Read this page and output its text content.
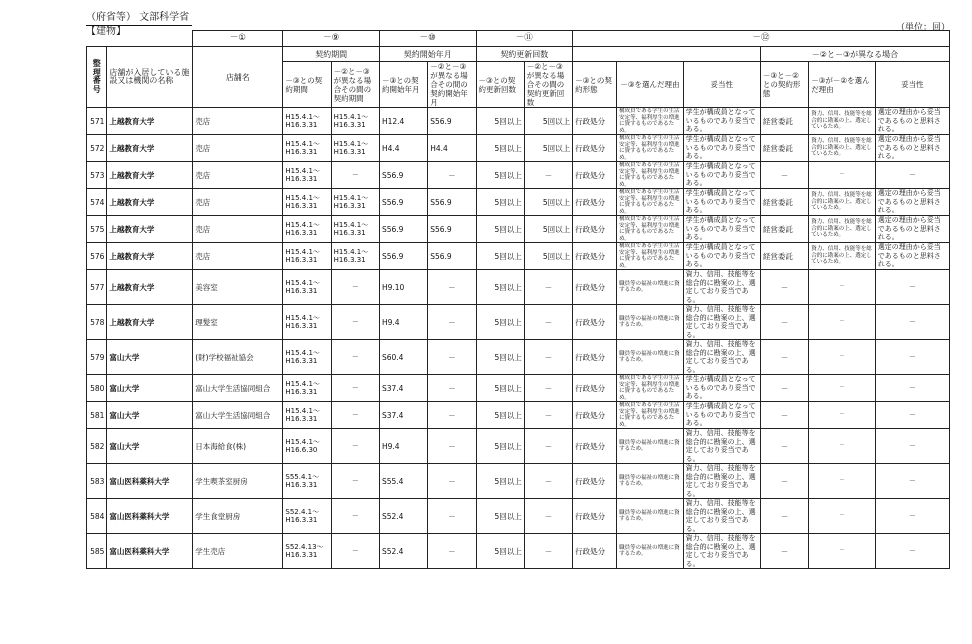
（府省等） 文部科学省
【建物】	（単位：回）
		－①	－⑨		－⑩		－⑪		－⑫					
整理番号	店舗が入居している施設又は機関の名称	店舗名	契約期間		契約開始年月		契約更新回数					－②と－③が異なる場合		
			－③との契約期間	－②と－③が異なる場合その間の契約期間	－③との契約開始年月	－②と－③が異なる場合その間の契約開始年月	－③との契約更新回数	－②と－③が異なる場合その間の契約更新回数	－③との契約形態	－③を選んだ理由	妥当性	－③と－②との契約形態	－③が－②を選んだ理由	妥当性
571	上越教育大学	売店	H15.4.1～H16.3.31	H15.4.1～H16.3.31	H12.4	S56.9	5回以上	5回以上	行政処分	構成員である学生の生活安定等、福利厚生の増進に資するものであるため。	学生が構成員となっているものであり妥当である。	経営委託	資力、信用、技能等を総合的に勘案の上、選定しているため。	選定の理由から妥当であるものと思料される。
572	上越教育大学	売店	H15.4.1～H16.3.31	H15.4.1～H16.3.31	H4.4	H4.4	5回以上	5回以上	行政処分	構成員である学生の生活安定等、福利厚生の増進に資するものであるため。	学生が構成員となっているものであり妥当である。	経営委託	資力、信用、技能等を総合的に勘案の上、選定しているため。	選定の理由から妥当であるものと思料される。
573	上越教育大学	売店	H15.4.1～H16.3.31	－	S56.9	－	5回以上	－	行政処分	構成員である学生の生活安定等、福利厚生の増進に資するものであるため。	学生が構成員となっているものであり妥当である。	－	－	－
574	上越教育大学	売店	H15.4.1～H16.3.31	H15.4.1～H16.3.31	S56.9	S56.9	5回以上	5回以上	行政処分	構成員である学生の生活安定等、福利厚生の増進に資するものであるため。	学生が構成員となっているものであり妥当である。	経営委託	資力、信用、技能等を総合的に勘案の上、選定しているため。	選定の理由から妥当であるものと思料される。
575	上越教育大学	売店	H15.4.1～H16.3.31	H15.4.1～H16.3.31	S56.9	S56.9	5回以上	5回以上	行政処分	構成員である学生の生活安定等、福利厚生の増進に資するものであるため。	学生が構成員となっているものであり妥当である。	経営委託	資力、信用、技能等を総合的に勘案の上、選定しているため。	選定の理由から妥当であるものと思料される。
576	上越教育大学	売店	H15.4.1～H16.3.31	H15.4.1～H16.3.31	S56.9	S56.9	5回以上	5回以上	行政処分	構成員である学生の生活安定等、福利厚生の増進に資するものであるため。	学生が構成員となっているものであり妥当である。	経営委託	資力、信用、技能等を総合的に勘案の上、選定しているため。	選定の理由から妥当であるものと思料される。
577	上越教育大学	美容室	H15.4.1～H16.3.31	－	H9.10	－	5回以上	－	行政処分	職員等の福祉の増進に資するため。	資力、信用、技能等を総合的に勘案の上、選定しており妥当である。	－	－	－
578	上越教育大学	理髪室	H15.4.1～H16.3.31	－	H9.4	－	5回以上	－	行政処分	職員等の福祉の増進に資するため。	資力、信用、技能等を総合的に勘案の上、選定しており妥当である。	－	－	－
579	富山大学	(財)学校福祉協会	H15.4.1～H16.3.31	－	S60.4	－	5回以上	－	行政処分	職員等の福祉の増進に資するため。	資力、信用、技能等を総合的に勘案の上、選定しており妥当である。	－	－	－
580	富山大学	富山大学生活協同組合	H15.4.1～H16.3.31	－	S37.4	－	5回以上	－	行政処分	構成員である学生の生活安定等、福利厚生の増進に資するものであるため。	学生が構成員となっているものであり妥当である。	－	－	－
581	富山大学	富山大学生活協同組合	H15.4.1～H16.3.31	－	S37.4	－	5回以上	－	行政処分	構成員である学生の生活安定等、福利厚生の増進に資するものであるため。	学生が構成員となっているものであり妥当である。	－	－	－
582	富山大学	日本海給食(株)	H15.4.1～H16.6.30	－	H9.4	－	5回以上	－	行政処分	職員等の福祉の増進に資するため。	資力、信用、技能等を総合的に勘案の上、選定しており妥当である。	－	－	－
583	富山医科薬科大学	学生喫茶室厨房	S55.4.1～H16.3.31	－	S55.4	－	5回以上	－	行政処分	職員等の福祉の増進に資するため。	資力、信用、技能等を総合的に勘案の上、選定しており妥当である。	－	－	－
584	富山医科薬科大学	学生食堂厨房	S52.4.1～H16.3.31	－	S52.4	－	5回以上	－	行政処分	職員等の福祉の増進に資するため。	資力、信用、技能等を総合的に勘案の上、選定しており妥当である。	－	－	－
585	富山医科薬科大学	学生売店	S52.4.13～H16.3.31	－	S52.4	－	5回以上	－	行政処分	職員等の福祉の増進に資するため。	資力、信用、技能等を総合的に勘案の上、選定しており妥当である。	－	－	－
